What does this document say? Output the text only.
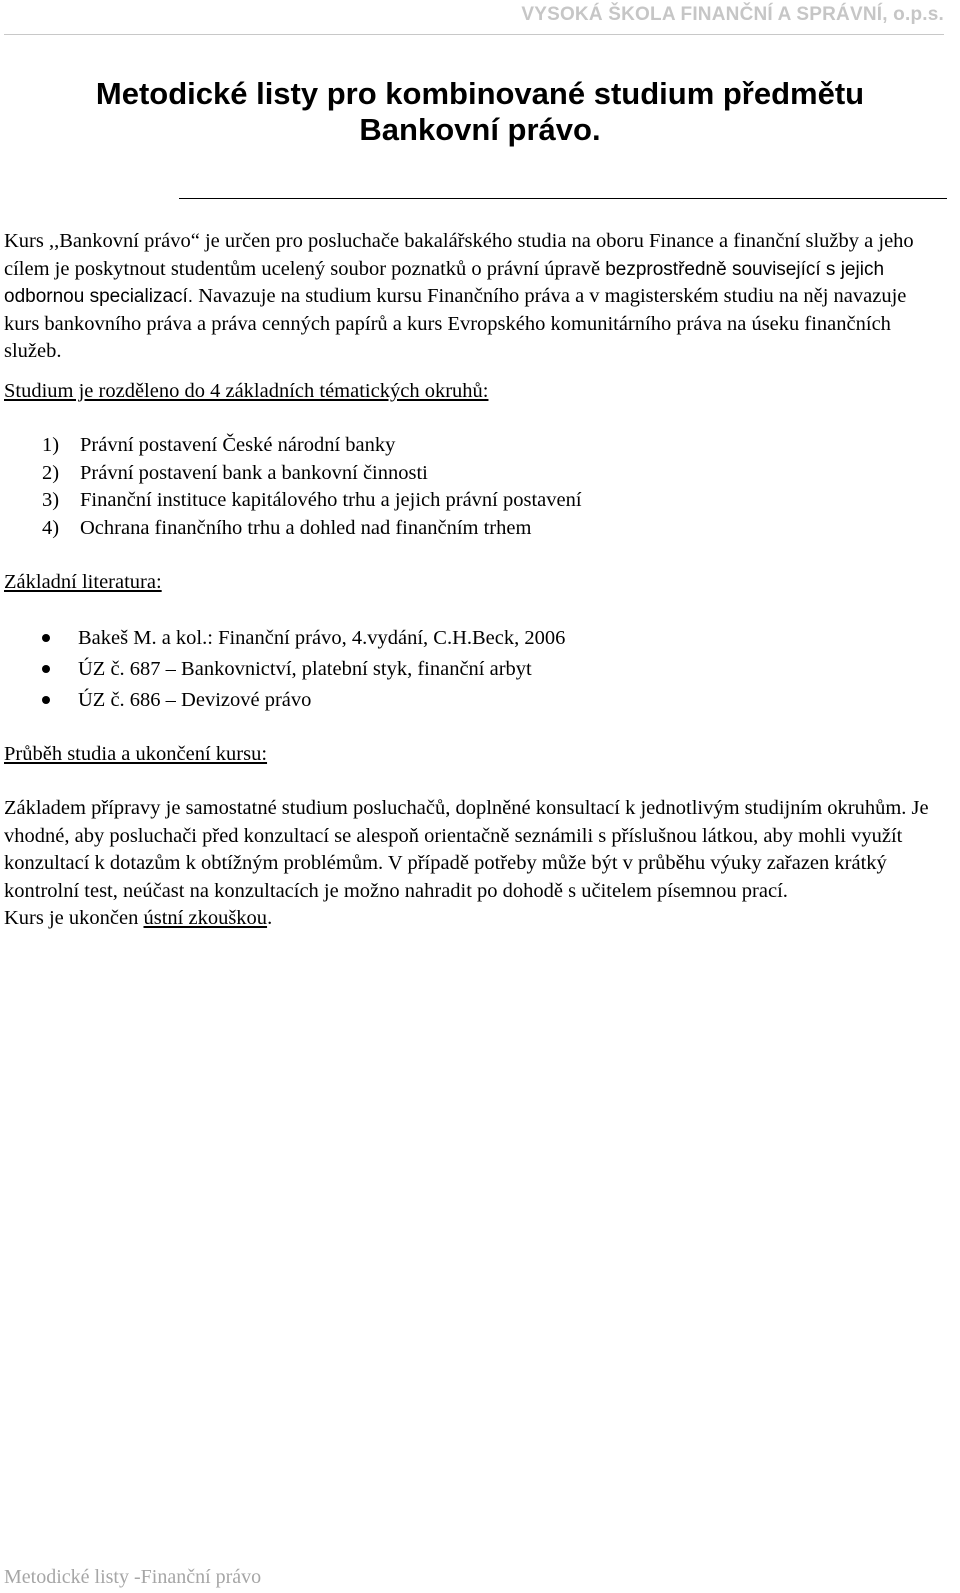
VYSOKÁ ŠKOLA FINANČNÍ A SPRÁVNÍ, o.p.s.
Metodické listy pro kombinované studium předmětu
Bankovní právo.

Kurs ,,Bankovní právo“ je určen pro posluchače bakalářského studia na oboru Finance a finanční služby a jeho cílem je poskytnout studentům ucelený soubor poznatků o právní úpravě bezprostředně související s jejich odbornou specializací. Navazuje na studium kursu Finančního práva a v magisterském studiu na něj navazuje kurs bankovního práva a práva cenných papírů a kurs Evropského komunitárního práva na úseku finančních služeb.

Studium je rozděleno do 4 základních tématických okruhů:

1)	Právní postavení České národní banky
2)	Právní postavení bank a bankovní činnosti
3)	Finanční instituce kapitálového trhu a jejich právní postavení
4)	Ochrana finančního trhu a dohled nad finančním trhem

Základní literatura:

Bakeš M. a kol.: Finanční právo, 4.vydání, C.H.Beck, 2006
ÚZ č. 687 – Bankovnictví, platební styk, finanční arbyt
ÚZ č. 686 – Devizové právo

Průběh studia a ukončení kursu:

Základem přípravy je samostatné studium posluchačů, doplněné konsultací k jednotlivým studijním okruhům. Je vhodné, aby posluchači před konzultací se alespoň orientačně seznámili s příslušnou látkou, aby mohli využít konzultací k dotazům k obtížným problémům. V případě potřeby může být v průběhu výuky zařazen krátký kontrolní test, neúčast na konzultacích je možno nahradit po dohodě s učitelem písemnou prací.

Kurs je ukončen ústní zkouškou.

Metodické listy -Finanční právo
